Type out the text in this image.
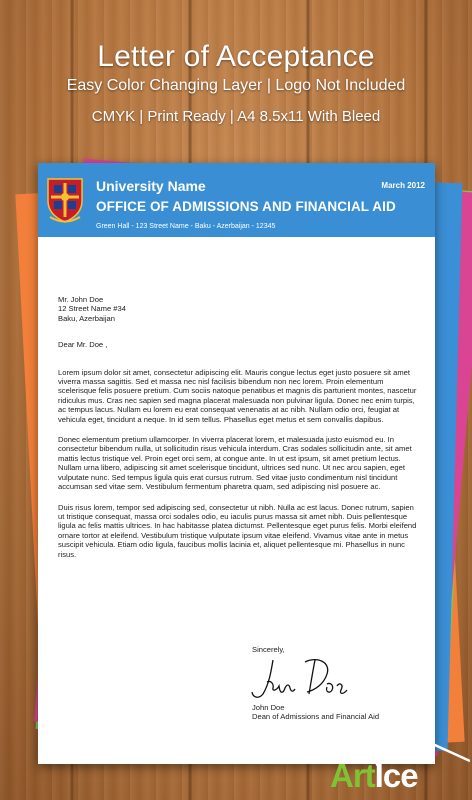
Letter of Acceptance
Easy Color Changing Layer | Logo Not Included
CMYK | Print Ready | A4 8.5x11 With Bleed
University Name
OFFICE OF ADMISSIONS AND FINANCIAL AID
Green Hall - 123 Street Name - Baku - Azerbaijan - 12345
March 2012
Mr. John Doe
12 Street Name #34
Baku, Azerbaijan
Dear Mr. Doe ,

Lorem ipsum dolor sit amet, consectetur adipiscing elit. Mauris congue lectus eget justo posuere sit amet viverra massa sagittis. Sed et massa nec nisl facilisis bibendum non nec lorem. Proin elementum scelerisque felis posuere pretium. Cum sociis natoque penatibus et magnis dis parturient montes, nascetur ridiculus mus. Cras nec sapien sed magna placerat malesuada non pulvinar ligula. Donec nec enim turpis, ac tempus lacus. Nullam eu lorem eu erat consequat venenatis at ac nibh. Nullam odio orci, feugiat at vehicula eget, tincidunt a neque. In id sem tellus. Phasellus eget metus et sem convallis dapibus.

Donec elementum pretium ullamcorper. In viverra placerat lorem, et malesuada justo euismod eu. In consectetur bibendum nulla, ut sollicitudin risus vehicula interdum. Cras sodales sollicitudin ante, sit amet mattis lectus tristique vel. Proin eget orci sem, at congue ante. In ut est ipsum, sit amet pretium lectus. Nullam urna libero, adipiscing sit amet scelerisque tincidunt, ultrices sed nunc. Ut nec arcu sapien, eget vulputate nunc. Sed tempus ligula quis erat cursus rutrum. Sed vitae justo condimentum nisl tincidunt accumsan sed vitae sem. Vestibulum fermentum pharetra quam, sed adipiscing nisl posuere ac.

Duis risus lorem, tempor sed adipiscing sed, consectetur ut nibh. Nulla ac est lacus. Donec rutrum, sapien ut tristique consequat, massa orci sodales odio, eu iaculis purus massa sit amet nibh. Duis pellentesque ligula ac felis mattis ultrices. In hac habitasse platea dictumst. Pellentesque eget purus felis. Morbi eleifend ornare tortor at eleifend. Vestibulum tristique vulputate ipsum vitae eleifend. Vivamus vitae ante in metus suscipit vehicula. Etiam odio ligula, faucibus mollis lacinia et, aliquet pellentesque mi. Phasellus in nunc risus.

Sincerely,
John Doe
Dean of Admissions and Financial Aid
ArtIce
